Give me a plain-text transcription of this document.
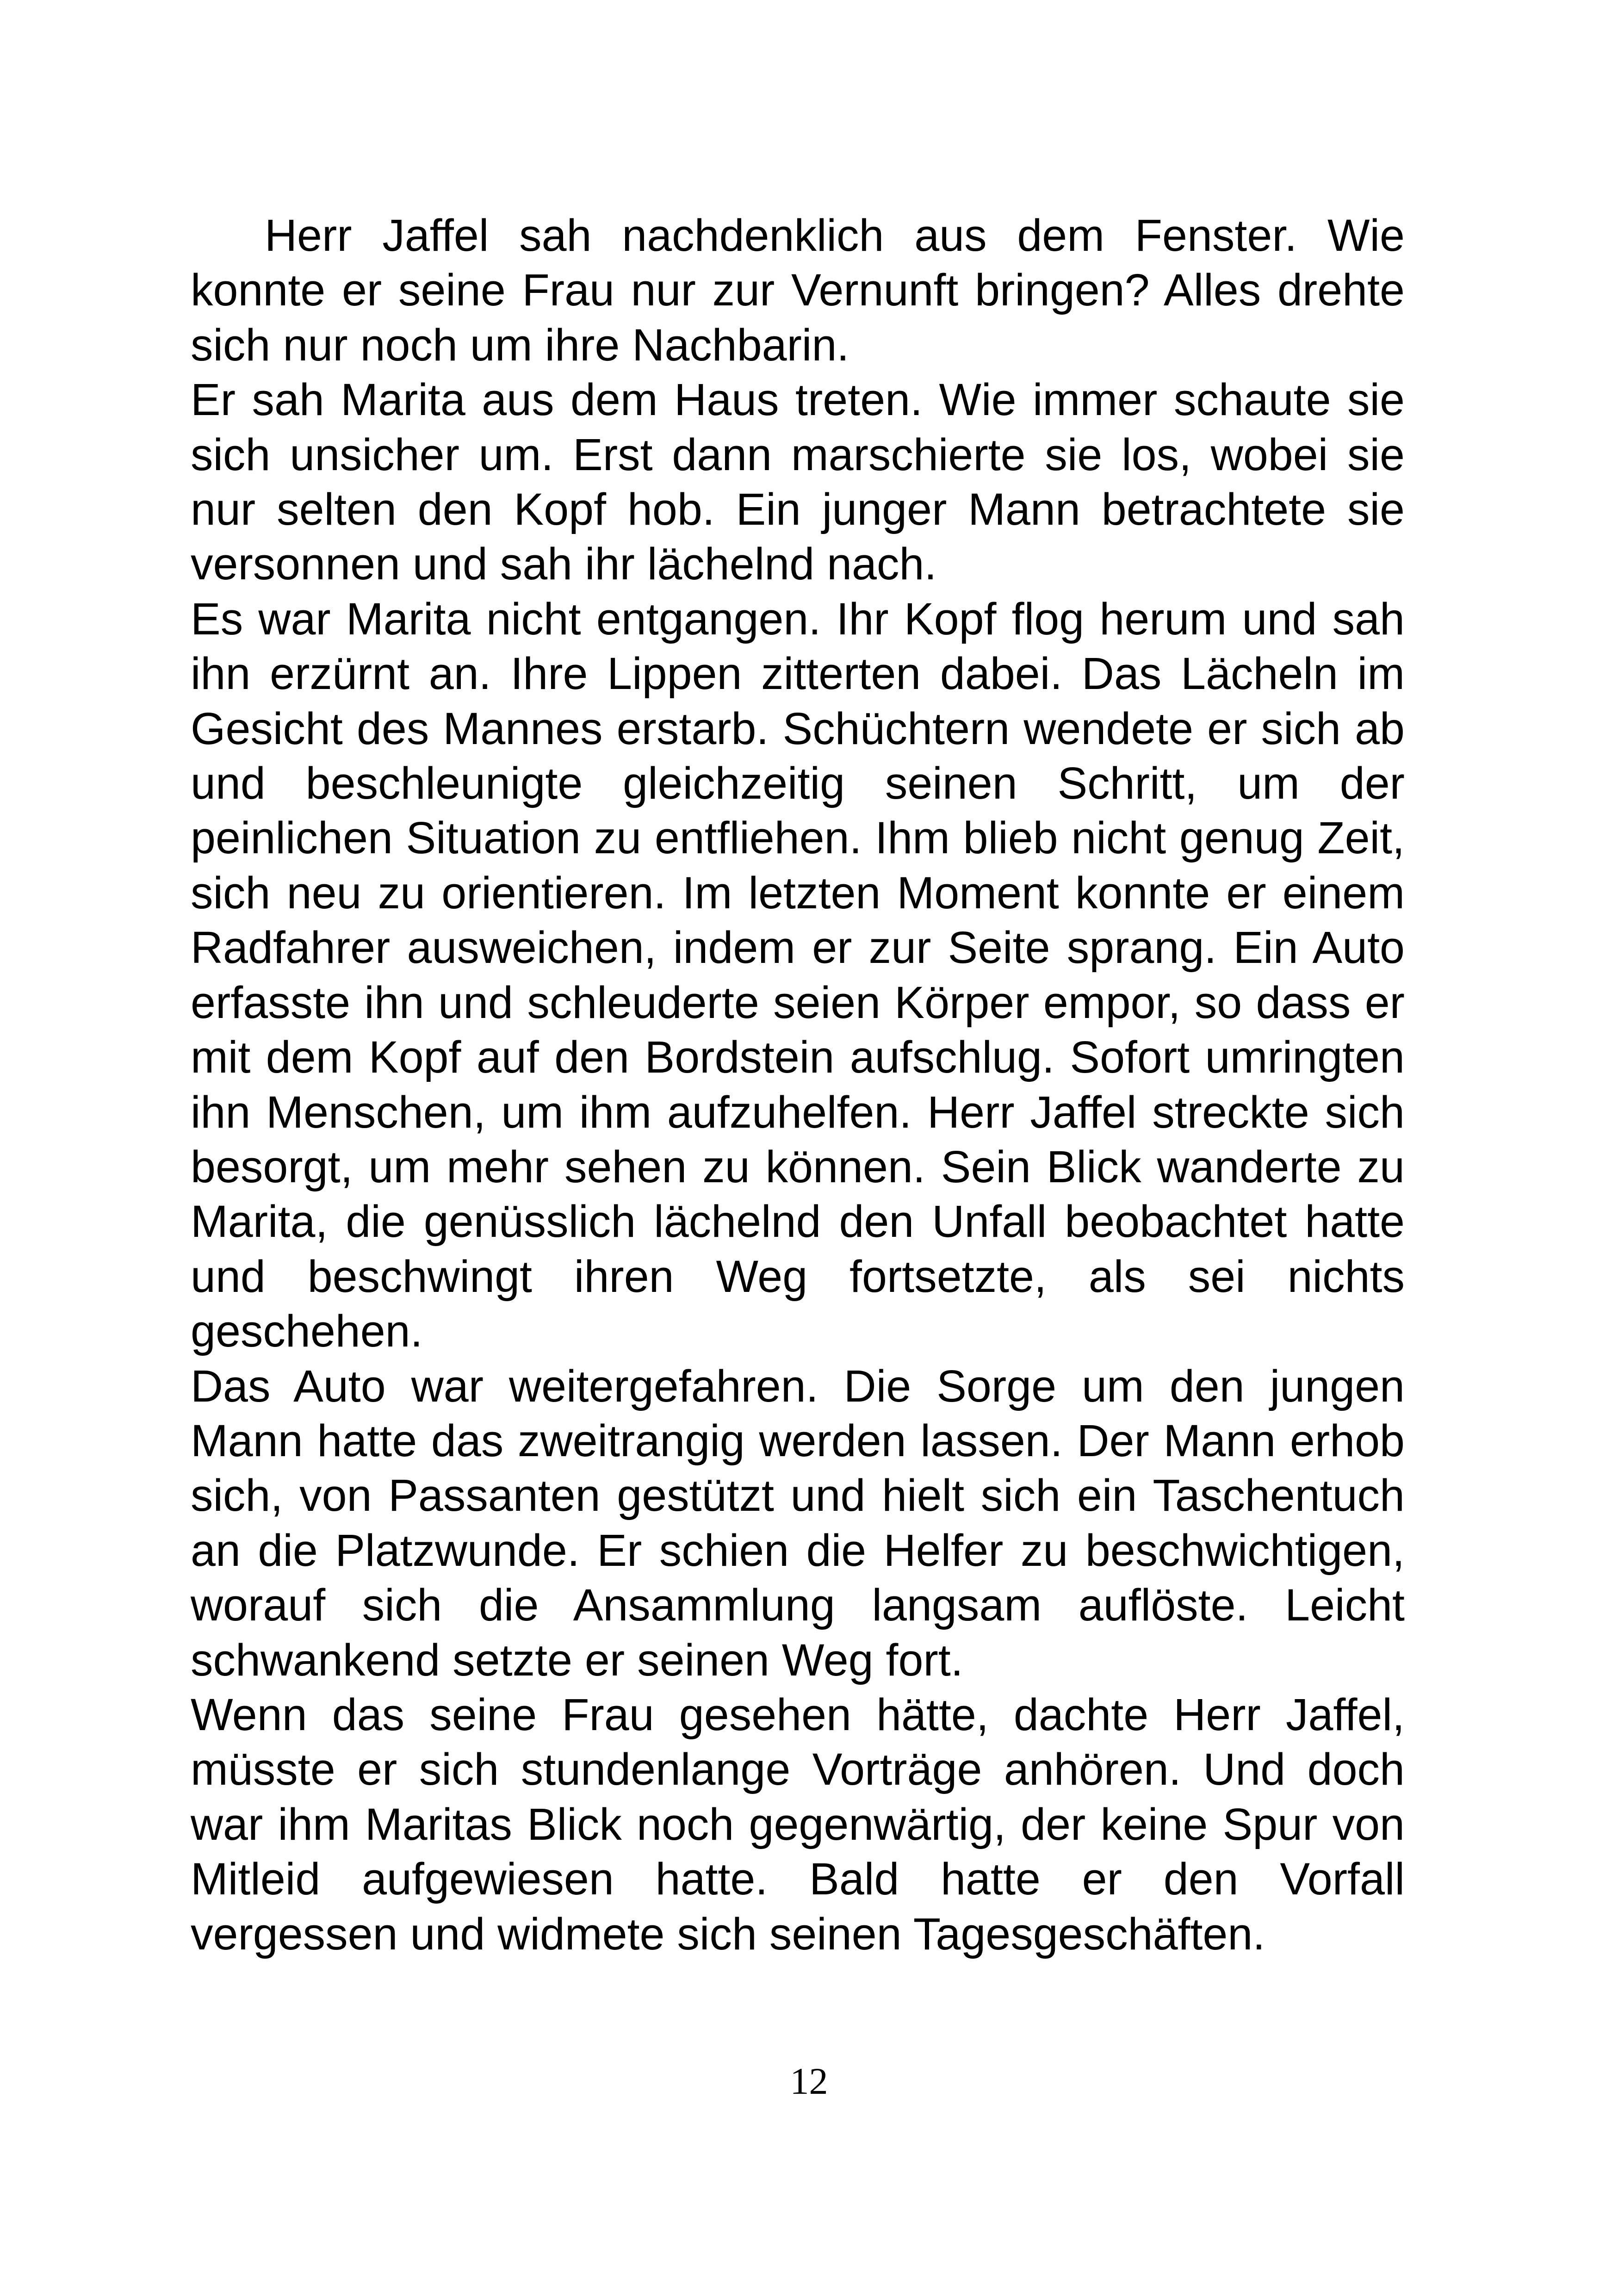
Herr Jaffel sah nachdenklich aus dem Fenster. Wie konnte er seine Frau nur zur Vernunft bringen? Alles drehte sich nur noch um ihre Nachbarin.

Er sah Marita aus dem Haus treten. Wie immer schaute sie sich unsicher um. Erst dann marschierte sie los, wobei sie nur selten den Kopf hob. Ein junger Mann betrachtete sie versonnen und sah ihr lächelnd nach.

Es war Marita nicht entgangen. Ihr Kopf flog herum und sah ihn erzürnt an. Ihre Lippen zitterten dabei. Das Lächeln im Gesicht des Mannes erstarb. Schüchtern wendete er sich ab und beschleunigte gleichzeitig seinen Schritt, um der peinlichen Situation zu entfliehen. Ihm blieb nicht genug Zeit, sich neu zu orientieren. Im letzten Moment konnte er einem Radfahrer ausweichen, indem er zur Seite sprang. Ein Auto erfasste ihn und schleuderte seien Körper empor, so dass er mit dem Kopf auf den Bordstein aufschlug. Sofort umringten ihn Menschen, um ihm aufzuhelfen. Herr Jaffel streckte sich besorgt, um mehr sehen zu können. Sein Blick wanderte zu Marita, die genüsslich lächelnd den Unfall beobachtet hatte und beschwingt ihren Weg fortsetzte, als sei nichts geschehen.

Das Auto war weitergefahren. Die Sorge um den jungen Mann hatte das zweitrangig werden lassen. Der Mann erhob sich, von Passanten gestützt und hielt sich ein Taschentuch an die Platzwunde. Er schien die Helfer zu beschwichtigen, worauf sich die Ansammlung langsam auflöste. Leicht schwankend setzte er seinen Weg fort.

Wenn das seine Frau gesehen hätte, dachte Herr Jaffel, müsste er sich stundenlange Vorträge anhören. Und doch war ihm Maritas Blick noch gegenwärtig, der keine Spur von Mitleid aufgewiesen hatte. Bald hatte er den Vorfall vergessen und widmete sich seinen Tagesgeschäften.

12
